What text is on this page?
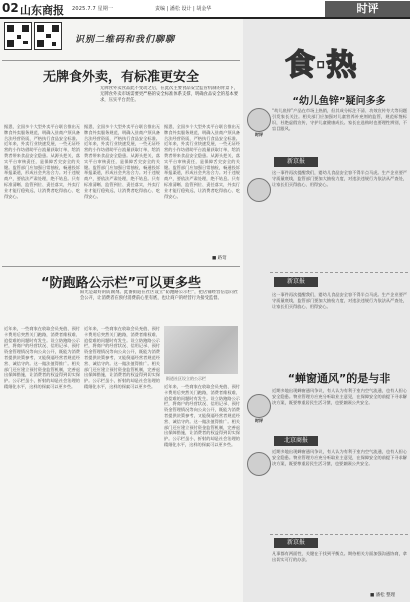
02 山东商报 2025.7.7 星期一	责编 | 潘松 设计 | 胡金华	时评
识别二维码和我们聊聊
无牌食外卖，有标准更安全
无牌食外卖食品此不变动之后，在此次主要食品安全监管机制的背景下，无牌食外卖市场需要更严格的安全标准体系支撑，明确食品安全的基本要求，压实平台责任。
据悉，全国多个大型外卖平台联合推出无牌食外卖服务规范，明确入驻商户须具备合法经营资质，严格执行食品安全标准。近年来，外卖行业快速发展，一些无证经营的小作坊借助平台流量获取订单，给消费者带来食品安全隐患。从源头把关，落实平台审核责任，是保障舌尖安全的关键。监管部门应加强日常抽检，畅通投诉举报渠道，形成社会共治合力。对于违规商户，要依法严肃处理，绝不姑息。只有标准清晰、监管到位、责任落实，外卖行业才能行稳致远，让消费者吃得放心、吃得安心。
据悉，全国多个大型外卖平台联合推出无牌食外卖服务规范，明确入驻商户须具备合法经营资质，严格执行食品安全标准。近年来，外卖行业快速发展，一些无证经营的小作坊借助平台流量获取订单，给消费者带来食品安全隐患。从源头把关，落实平台审核责任，是保障舌尖安全的关键。监管部门应加强日常抽检，畅通投诉举报渠道，形成社会共治合力。对于违规商户，要依法严肃处理，绝不姑息。只有标准清晰、监管到位、责任落实，外卖行业才能行稳致远，让消费者吃得放心、吃得安心。
据悉，全国多个大型外卖平台联合推出无牌食外卖服务规范，明确入驻商户须具备合法经营资质，严格执行食品安全标准。近年来，外卖行业快速发展，一些无证经营的小作坊借助平台流量获取订单，给消费者带来食品安全隐患。从源头把关，落实平台审核责任，是保障舌尖安全的关键。监管部门应加强日常抽检，畅通投诉举报渠道，形成社会共治合力。对于违规商户，要依法严肃处理，绝不姑息。只有标准清晰、监管到位、责任落实，外卖行业才能行稳致远，让消费者吃得放心、吃得安心。
■ 路莺
“防跑路公示栏”可以更多些
阳光是最好的防腐剂。此番街道在社区设立“防跑路公示栏”，把店铺经营信息向社会公开，让消费者在预付消费前心里有底，也让商户的经营行为接受监督。
近年来，一些商家在收取会员充值、预付卡费用后突然关门跑路，消费者维权难、追偿难的问题时有发生。设立防跑路公示栏，将商户的经营状况、信用记录、预付资金管理情况等向公众公开，既能为消费者提供决策参考，又能倒逼经营者规范经营、诚信守约。这一做法值得推广。相关部门还应建立预付资金监管机制，完善退出保障措施，让消费者的权益得到切实保护。公示栏虽小，折射的却是社会治理的精细化水平，这样的探索可以更多些。
近年来，一些商家在收取会员充值、预付卡费用后突然关门跑路，消费者维权难、追偿难的问题时有发生。设立防跑路公示栏，将商户的经营状况、信用记录、预付资金管理情况等向公众公开，既能为消费者提供决策参考，又能倒逼经营者规范经营、诚信守约。这一做法值得推广。相关部门还应建立预付资金监管机制，完善退出保障措施，让消费者的权益得到切实保护。公示栏虽小，折射的却是社会治理的精细化水平，这样的探索可以更多些。
街道社区设立的公示栏
近年来，一些商家在收取会员充值、预付卡费用后突然关门跑路，消费者维权难、追偿难的问题时有发生。设立防跑路公示栏，将商户的经营状况、信用记录、预付资金管理情况等向公众公开，既能为消费者提供决策参考，又能倒逼经营者规范经营、诚信守约。这一做法值得推广。相关部门还应建立预付资金监管机制，完善退出保障措施，让消费者的权益得到切实保护。公示栏虽小，折射的却是社会治理的精细化水平，这样的探索可以更多些。
食·热
时评
“幼儿鱼锌”疑问多多
“幼儿鱼锌”产品在市场上热销，但其成分标注不清、功效宣传夸大等问题引发家长关注。相关部门应加强对儿童营养补充剂的监管，规范标签标识，杜绝虚假宣传，守护儿童健康成长。家长在选购时也要理性辨别，不盲目跟风。
新京报
这一事件再次提醒我们，婴幼儿食品安全容不得半点马虎。生产企业要严守质量底线，监管部门要加大抽检力度，对违法违规行为依法从严查处，让家长们买得放心、用得安心。
新京报
这一事件再次提醒我们，婴幼儿食品安全容不得半点马虎。生产企业要严守质量底线，监管部门要加大抽检力度，对违法违规行为依法从严查处，让家长们买得放心、用得安心。
“蝉窗通风”的是与非
时评
近期多地出现蝉窗通风争议，有人认为有利于室内空气流通，也有人担心安全隐患。物业管理方应充分听取业主意见，在保障安全的前提下寻求解决方案，既要尊重居民生活习惯，也要兼顾公共安全。
北京商报
近期多地出现蝉窗通风争议，有人认为有利于室内空气流通，也有人担心安全隐患。物业管理方应充分听取业主意见，在保障安全的前提下寻求解决方案，既要尊重居民生活习惯，也要兼顾公共安全。
新京报
凡事都有两面性，关键在于找到平衡点。期待相关方面加强沟通协商，拿出切实可行的办法。
■ 潘松 整理
